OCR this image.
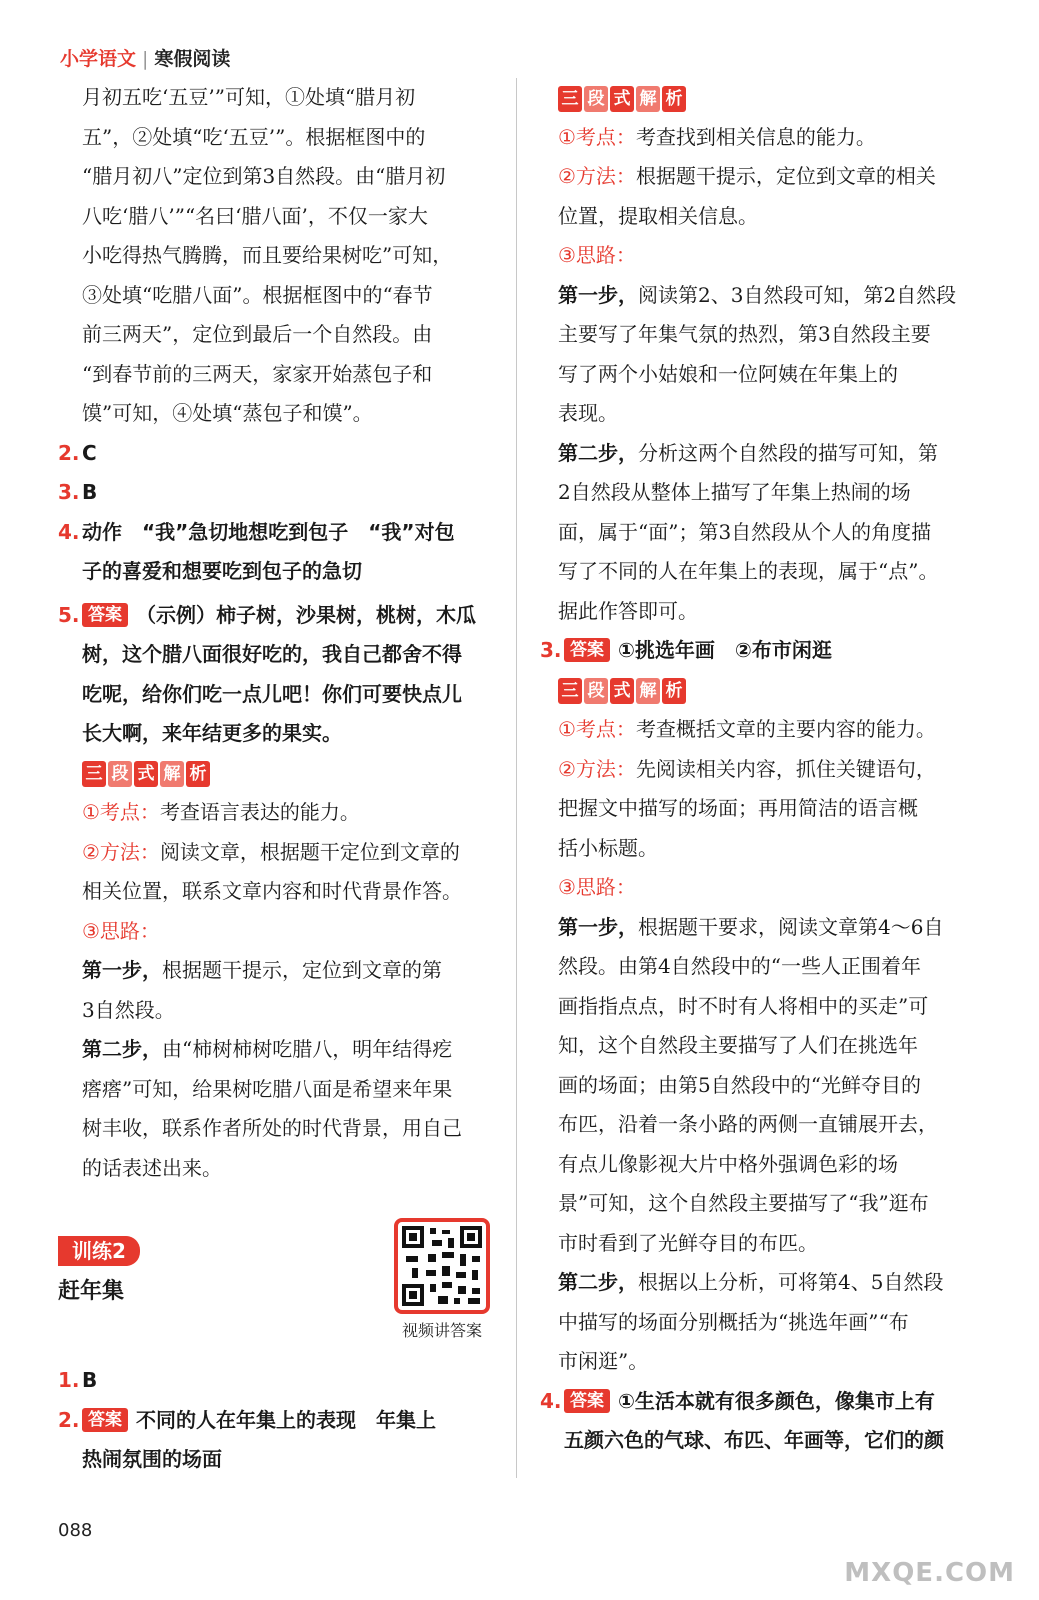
小学语文 | 寒假阅读
月初五吃‘五豆’”可知，①处填“腊月初
五”，②处填“吃‘五豆’”。根据框图中的
“腊月初八”定位到第3自然段。由“腊月初
八吃‘腊八’”“名曰‘腊八面’，不仅一家大
小吃得热气腾腾，而且要给果树吃”可知，
③处填“吃腊八面”。根据框图中的“春节
前三两天”，定位到最后一个自然段。由
“到春节前的三两天，家家开始蒸包子和
馍”可知，④处填“蒸包子和馍”。
2. C
3. B
4. 动作　“我”急切地想吃到包子　“我”对包
子的喜爱和想要吃到包子的急切
5. 答案 （示例）柿子树，沙果树，桃树，木瓜
树，这个腊八面很好吃的，我自己都舍不得
吃呢，给你们吃一点儿吧！你们可要快点儿
长大啊，来年结更多的果实。
三 段 式 解 析
①考点：考查语言表达的能力。
②方法：阅读文章，根据题干定位到文章的
相关位置，联系文章内容和时代背景作答。
③思路：
第一步，根据题干提示，定位到文章的第
3自然段。
第二步，由“柿树柿树吃腊八，明年结得疙
瘩瘩”可知，给果树吃腊八面是希望来年果
树丰收，联系作者所处的时代背景，用自己
的话表述出来。
训练2
赶年集
1. B
2. 答案 不同的人在年集上的表现　年集上
热闹氛围的场面
视频讲答案
三 段 式 解 析
①考点：考查找到相关信息的能力。
②方法：根据题干提示，定位到文章的相关
位置，提取相关信息。
③思路：
第一步，阅读第2、3自然段可知，第2自然段
主要写了年集气氛的热烈，第3自然段主要
写了两个小姑娘和一位阿姨在年集上的
表现。
第二步，分析这两个自然段的描写可知，第
2自然段从整体上描写了年集上热闹的场
面，属于“面”；第3自然段从个人的角度描
写了不同的人在年集上的表现，属于“点”。
据此作答即可。
3. 答案 ①挑选年画　②布市闲逛
三 段 式 解 析
①考点：考查概括文章的主要内容的能力。
②方法：先阅读相关内容，抓住关键语句，
把握文中描写的场面；再用简洁的语言概
括小标题。
③思路：
第一步，根据题干要求，阅读文章第4～6自
然段。由第4自然段中的“一些人正围着年
画指指点点，时不时有人将相中的买走”可
知，这个自然段主要描写了人们在挑选年
画的场面；由第5自然段中的“光鲜夺目的
布匹，沿着一条小路的两侧一直铺展开去，
有点儿像影视大片中格外强调色彩的场
景”可知，这个自然段主要描写了“我”逛布
市时看到了光鲜夺目的布匹。
第二步，根据以上分析，可将第4、5自然段
中描写的场面分别概括为“挑选年画”“布
市闲逛”。
4. 答案 ①生活本就有很多颜色，像集市上有
五颜六色的气球、布匹、年画等，它们的颜
088
MXQE.COM
